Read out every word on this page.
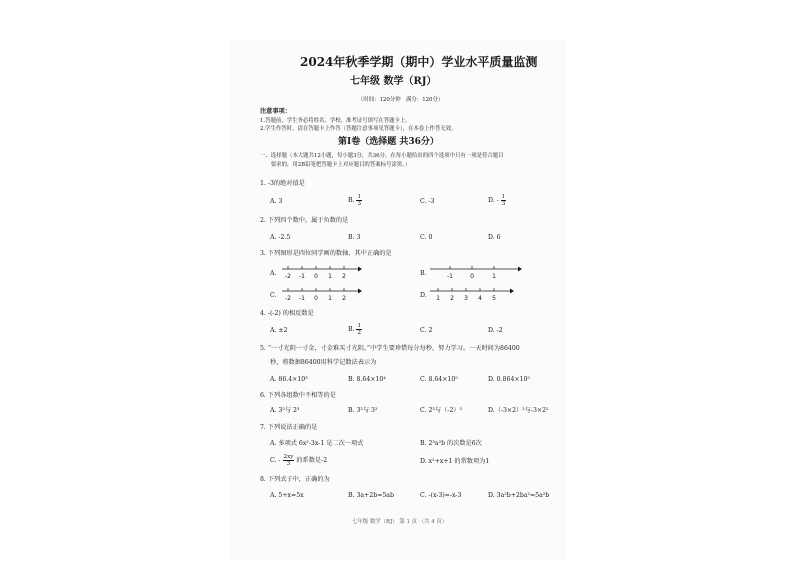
2024年秋季学期（期中）学业水平质量监测
七年级 数学（RJ）
（时间：120分钟　满分：120分）
注意事项：
1.答题前，学生务必将姓名、学校、准考证号填写在答题卡上。
2.学生作答时，请在答题卡上作答（答题注意事项见答题卡），在本卷上作答无效。
第Ⅰ卷（选择题 共36分）
一、选择题（本大题共12小题，每小题3分，共36分。在每小题给出的四个选项中只有一项是符合题目
　　要求的，用2B铅笔把答题卡上对应题目的答案标号涂黑。）
1. -3的绝对值是
A. 3	B. $\frac{1}{3}$	C. -3	D. - $\frac{1}{3}$
2. 下列四个数中，属于负数的是
A. -2.5	B. 3	C. 0	D. 6
3. 下列图形是四位同学画的数轴，其中正确的是
A.	B.
C.	D.
-2 -1 0 1 2	-1	0	1
-2 -1 0 1 2	1 2 3 4 5
4. -(-2) 的相反数是
A. ±2	B. $\frac{1}{2}$	C. 2	D. -2
5. “一寸光阴一寸金，寸金难买寸光阴。”中学生要珍惜每分每秒，努力学习。一天时间为86400
秒，将数据86400用科学记数法表示为
A. 86.4×10³	B. 8.64×10⁴	C. 8.64×10⁵	D. 0.864×10⁵
6. 下列各组数中不相等的是
A. 3²与 2³	B. 3²与 3²	C. 2³与（-2）³	D.（-3×2）²与-3×2²
7. 下列说法正确的是
A. 多项式 6x²-3x-1 是二次一项式	B. 2³a²b 的次数是6次
C. - $\frac{2xy}{3}$ 的系数是-2	D. x²+x+1 的常数项为1
8. 下列式子中，正确的为
A. 5+x=5x	B. 3a+2b=5ab	C. -(x-3)=-x-3	D. 3a²b+2ba²=5a²b
七年级 数学（RJ） 第 1 页 （共 4 页）
